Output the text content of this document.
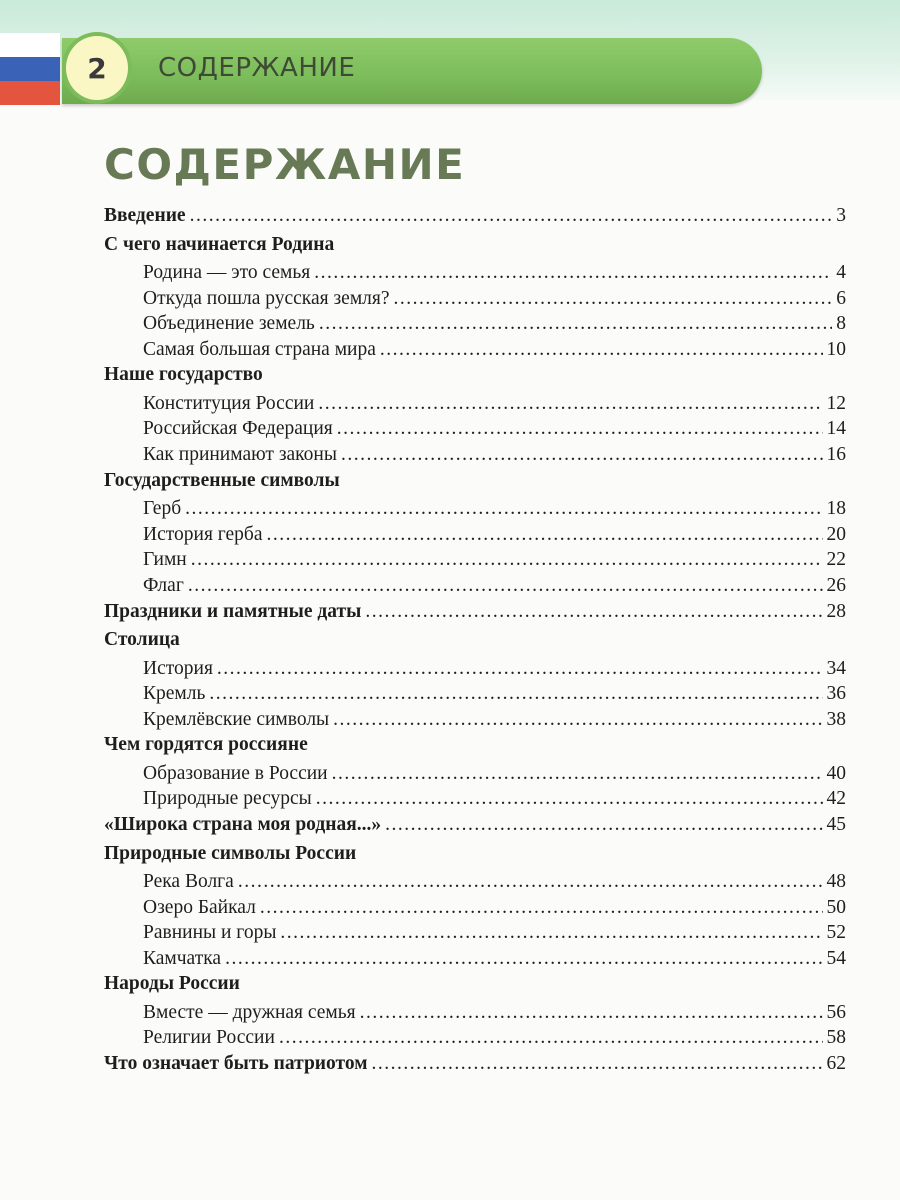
2	СОДЕРЖАНИЕ
СОДЕРЖАНИЕ
Введение .....	3
С чего начинается Родина
Родина — это семья .....	4
Откуда пошла русская земля? .....	6
Объединение земель .....	8
Самая большая страна мира .....	10
Наше государство
Конституция России .....	12
Российская Федерация .....	14
Как принимают законы .....	16
Государственные символы
Герб .....	18
История герба .....	20
Гимн .....	22
Флаг .....	26
Праздники и памятные даты .....	28
Столица
История .....	34
Кремль .....	36
Кремлёвские символы .....	38
Чем гордятся россияне
Образование в России .....	40
Природные ресурсы .....	42
«Широка страна моя родная...» .....	45
Природные символы России
Река Волга .....	48
Озеро Байкал .....	50
Равнины и горы .....	52
Камчатка .....	54
Народы России
Вместе — дружная семья .....	56
Религии России .....	58
Что означает быть патриотом .....	62
